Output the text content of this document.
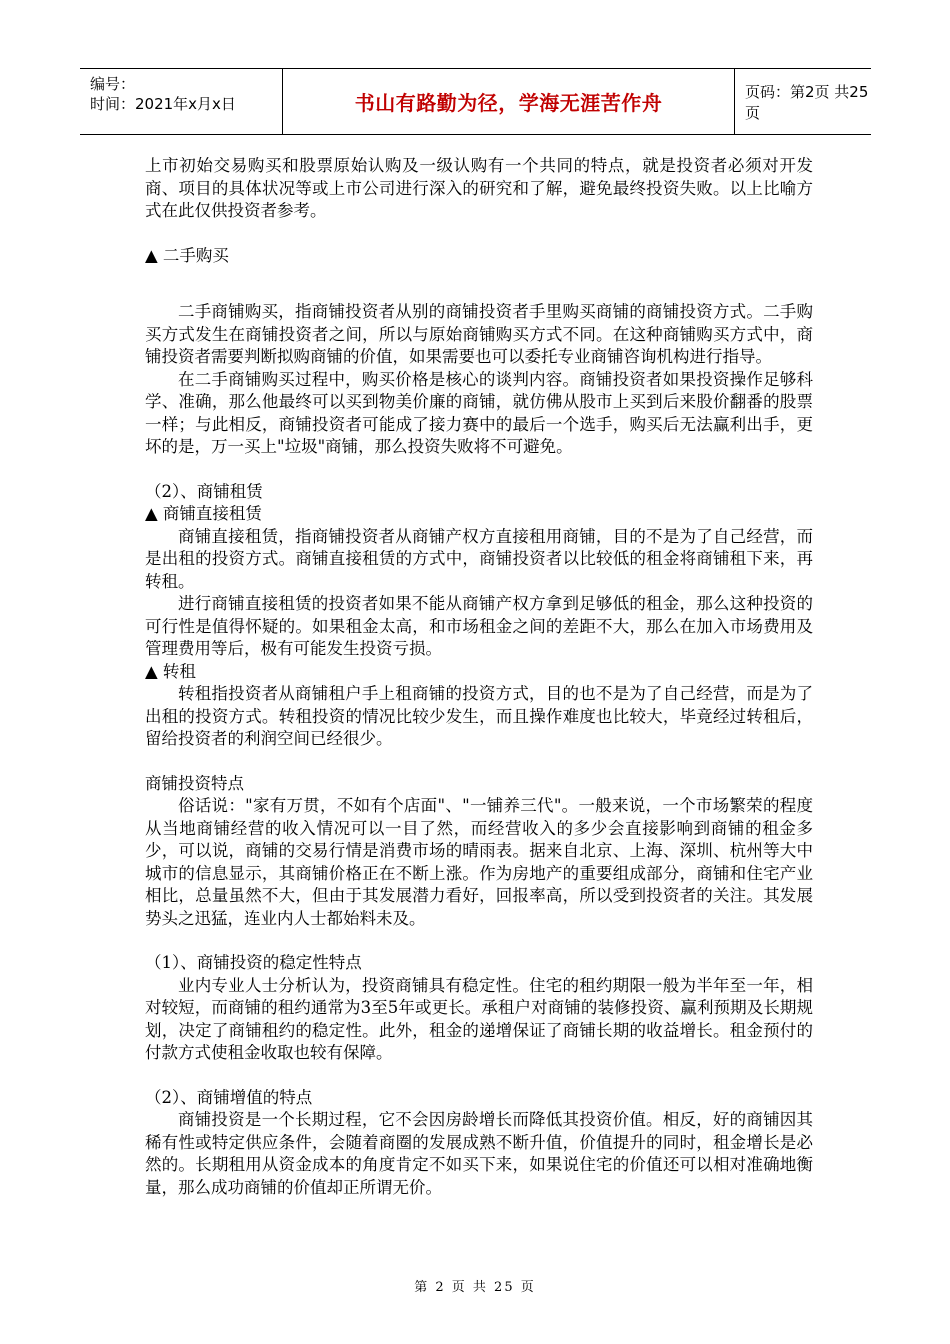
编号：
时间：2021年x月x日	书山有路勤为径，学海无涯苦作舟	页码：第2页 共25页

上市初始交易购买和股票原始认购及一级认购有一个共同的特点，就是投资者必须对开发商、项目的具体状况等或上市公司进行深入的研究和了解，避免最终投资失败。以上比喻方式在此仅供投资者参考。

▲ 二手购买

二手商铺购买，指商铺投资者从别的商铺投资者手里购买商铺的商铺投资方式。二手购买方式发生在商铺投资者之间，所以与原始商铺购买方式不同。在这种商铺购买方式中，商铺投资者需要判断拟购商铺的价值，如果需要也可以委托专业商铺咨询机构进行指导。

在二手商铺购买过程中，购买价格是核心的谈判内容。商铺投资者如果投资操作足够科学、准确，那么他最终可以买到物美价廉的商铺，就仿佛从股市上买到后来股价翻番的股票一样；与此相反，商铺投资者可能成了接力赛中的最后一个选手，购买后无法赢利出手，更坏的是，万一买上"垃圾"商铺，那么投资失败将不可避免。

（2）、商铺租赁

▲ 商铺直接租赁

商铺直接租赁，指商铺投资者从商铺产权方直接租用商铺，目的不是为了自己经营，而是出租的投资方式。商铺直接租赁的方式中，商铺投资者以比较低的租金将商铺租下来，再转租。

进行商铺直接租赁的投资者如果不能从商铺产权方拿到足够低的租金，那么这种投资的可行性是值得怀疑的。如果租金太高，和市场租金之间的差距不大，那么在加入市场费用及管理费用等后，极有可能发生投资亏损。

▲ 转租

转租指投资者从商铺租户手上租商铺的投资方式，目的也不是为了自己经营，而是为了出租的投资方式。转租投资的情况比较少发生，而且操作难度也比较大，毕竟经过转租后，留给投资者的利润空间已经很少。

商铺投资特点

俗话说："家有万贯，不如有个店面"、"一铺养三代"。一般来说，一个市场繁荣的程度从当地商铺经营的收入情况可以一目了然，而经营收入的多少会直接影响到商铺的租金多少，可以说，商铺的交易行情是消费市场的晴雨表。据来自北京、上海、深圳、杭州等大中城市的信息显示，其商铺价格正在不断上涨。作为房地产的重要组成部分，商铺和住宅产业相比，总量虽然不大，但由于其发展潜力看好，回报率高，所以受到投资者的关注。其发展势头之迅猛，连业内人士都始料未及。

（1）、商铺投资的稳定性特点

业内专业人士分析认为，投资商铺具有稳定性。住宅的租约期限一般为半年至一年，相对较短，而商铺的租约通常为3至5年或更长。承租户对商铺的装修投资、赢利预期及长期规划，决定了商铺租约的稳定性。此外，租金的递增保证了商铺长期的收益增长。租金预付的付款方式使租金收取也较有保障。

（2）、商铺增值的特点

商铺投资是一个长期过程，它不会因房龄增长而降低其投资价值。相反，好的商铺因其稀有性或特定供应条件，会随着商圈的发展成熟不断升值，价值提升的同时，租金增长是必然的。长期租用从资金成本的角度肯定不如买下来，如果说住宅的价值还可以相对准确地衡量，那么成功商铺的价值却正所谓无价。

第 2 页 共 25 页
